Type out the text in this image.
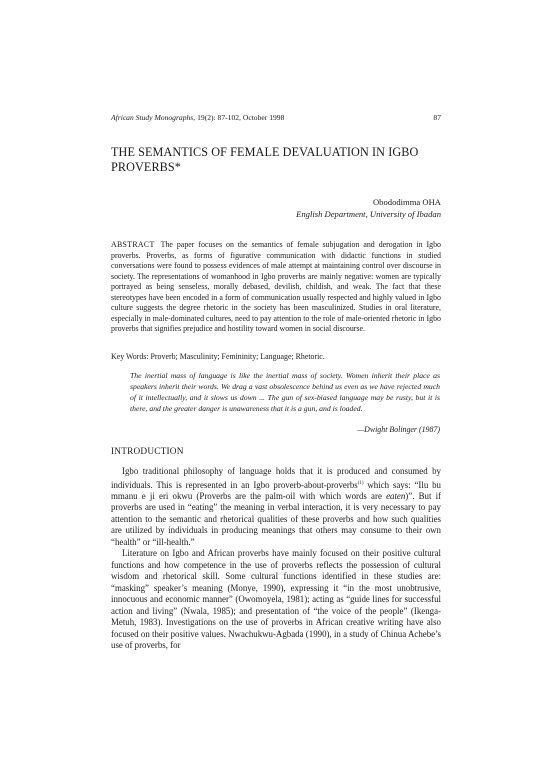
African Study Monographs, 19(2): 87-102, October 1998	87
THE SEMANTICS OF FEMALE DEVALUATION IN IGBO PROVERBS*
Obododimma OHA
English Department, University of Ibadan

ABSTRACT The paper focuses on the semantics of female subjugation and derogation in Igbo proverbs. Proverbs, as forms of figurative communication with didactic functions in studied conversations were found to possess evidences of male attempt at maintaining control over discourse in society. The representations of womanhood in Igbo proverbs are mainly negative: women are typically portrayed as being senseless, morally debased, devilish, childish, and weak. The fact that these stereotypes have been encoded in a form of communication usually respected and highly valued in Igbo culture suggests the degree rhetoric in the society has been masculinized. Studies in oral literature, especially in male-dominated cultures, need to pay attention to the role of male-oriented rhetoric in Igbo proverbs that signifies prejudice and hostility toward women in social discourse.

Key Words: Proverb; Masculinity; Femininity; Language; Rhetoric.

The inertial mass of language is like the inertial mass of society. Women inherit their place as speakers inherit their words. We drag a vast obsolescence behind us even as we have rejected much of it intellectually, and it slows us down ... The gun of sex-biased language may be rusty, but it is there, and the greater danger is unawareness that it is a gun, and is loaded.

—Dwight Bolinger (1987)
INTRODUCTION

Igbo traditional philosophy of language holds that it is produced and consumed by individuals. This is represented in an Igbo proverb-about-proverbs$^{(1)}$ which says: “Ilu bu mmanu e ji eri okwu (Proverbs are the palm-oil with which words are eaten)”. But if proverbs are used in “eating” the meaning in verbal interaction, it is very necessary to pay attention to the semantic and rhetorical qualities of these proverbs and how such qualities are utilized by individuals in producing meanings that others may consume to their own “health” or “ill-health.”

Literature on Igbo and African proverbs have mainly focused on their positive cultural functions and how competence in the use of proverbs reflects the possession of cultural wisdom and rhetorical skill. Some cultural functions identified in these studies are: “masking” speaker’s meaning (Monye, 1990), expressing it “in the most unobtrusive, innocuous and economic manner” (Owomoyela, 1981); acting as “guide lines for successful action and living” (Nwala, 1985); and presentation of “the voice of the people” (Ikenga-Metuh, 1983). Investigations on the use of proverbs in African creative writing have also focused on their positive values. Nwachukwu-Agbada (1990), in a study of Chinua Achebe’s use of proverbs, for
